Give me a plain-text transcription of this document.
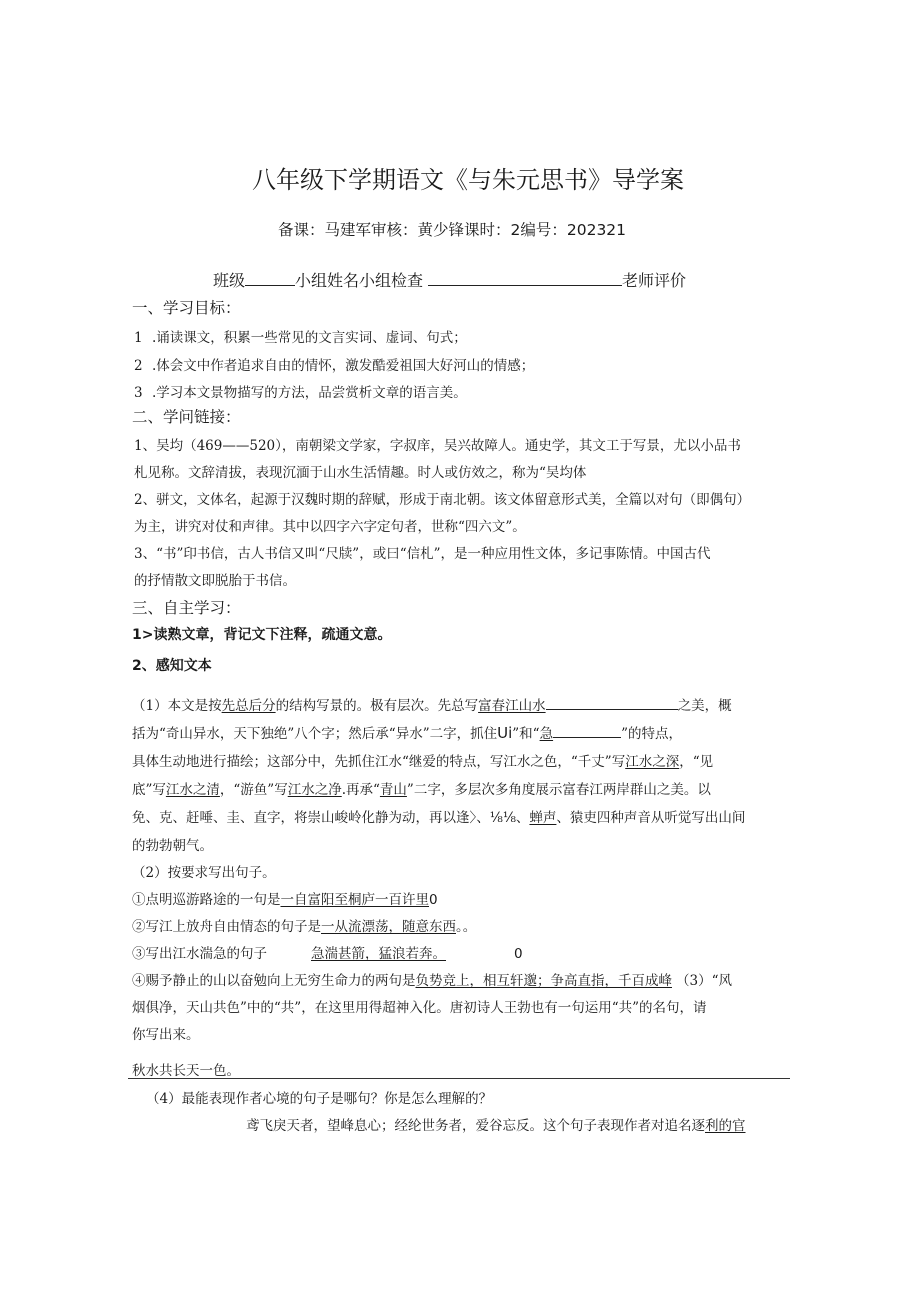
八年级下学期语文《与朱元思书》导学案
备课：马建军审核：黄少锋课时：2编号：202321
班级	小组姓名小组检查	老师评价
一、学习目标：
1 .诵读课文，积累一些常见的文言实词、虚词、句式；
2 .体会文中作者追求自由的情怀，激发酷爱祖国大好河山的情感；
3 .学习本文景物描写的方法，品尝赏析文章的语言美。
二、学问链接：
1、吴均（469——520），南朝梁文学家，字叔庠，吴兴故障人。通史学，其文工于写景，尤以小品书
札见称。文辞清拔，表现沉湎于山水生活情趣。时人或仿效之，称为“吴均体
2、骈文，文体名，起源于汉魏时期的辞赋，形成于南北朝。该文体留意形式美，全篇以对句（即偶句）
为主，讲究对仗和声律。其中以四字六字定句者，世称“四六文”。
3、“书”印书信，古人书信又叫“尺牍”，或曰“信札”，是一种应用性文体，多记事陈情。中国古代
的抒情散文即脱胎于书信。
三、自主学习：
1>读熟文章，背记文下注释，疏通文意。
2、感知文本
（1）本文是按先总后分的结构写景的。极有层次。先总写富春江山水	之美，概
括为“奇山异水，天下独绝”八个字；然后承“异水”二字，抓住Ui”和“急	”的特点，
具体生动地进行描绘；这部分中，先抓住江水“继爱的特点，写江水之色，“千丈”写江水之深，“见
底”写江水之清，“游鱼”写江水之净.再承“青山”二字，多层次多角度展示富春江两岸群山之美。以
免、克、赶唾、圭、直字，将崇山峻岭化静为动，再以逢〉、⅛⅛、蝉声、猿吏四种声音从听觉写出山间
的勃勃朝气。
（2）按要求写出句子。
①点明巡游路途的一句是一自富阳至桐庐一百许里0
②写江上放舟自由情态的句子是一从流漂荡，随意东西。。
③写出江水湍急的句子	急湍甚箭，猛浪若奔。	0
④赐予静止的山以奋勉向上无穷生命力的两句是负势竞上，相互轩邈；争高直指，千百成峰 （3）“风
烟俱净，天山共色”中的“共”，在这里用得超神入化。唐初诗人王勃也有一句运用“共”的名句，请
你写出来。
秋水共长天一色。
（4）最能表现作者心境的句子是哪句？你是怎么理解的？
鸢飞戾天者，望峰息心；经纶世务者，爱谷忘反。这个句子表现作者对追名逐利的官
